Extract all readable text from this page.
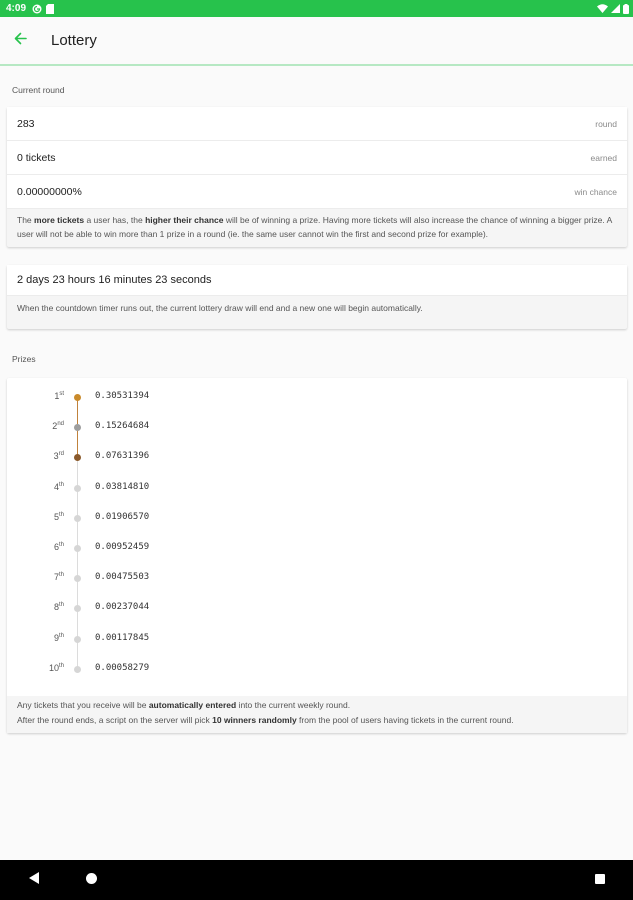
4:09
Lottery
Current round
283	round
0 tickets	earned
0.00000000%	win chance
The more tickets a user has, the higher their chance will be of winning a prize. Having more tickets will also increase the chance of winning a bigger prize. A user will not be able to win more than 1 prize in a round (ie. the same user cannot win the first and second prize for example).
2 days 23 hours 16 minutes 23 seconds
When the countdown timer runs out, the current lottery draw will end and a new one will begin automatically.
Prizes
1st	0.30531394
2nd	0.15264684
3rd	0.07631396
4th	0.03814810
5th	0.01906570
6th	0.00952459
7th	0.00475503
8th	0.00237044
9th	0.00117845
10th	0.00058279
Any tickets that you receive will be automatically entered into the current weekly round.
After the round ends, a script on the server will pick 10 winners randomly from the pool of users having tickets in the current round.
